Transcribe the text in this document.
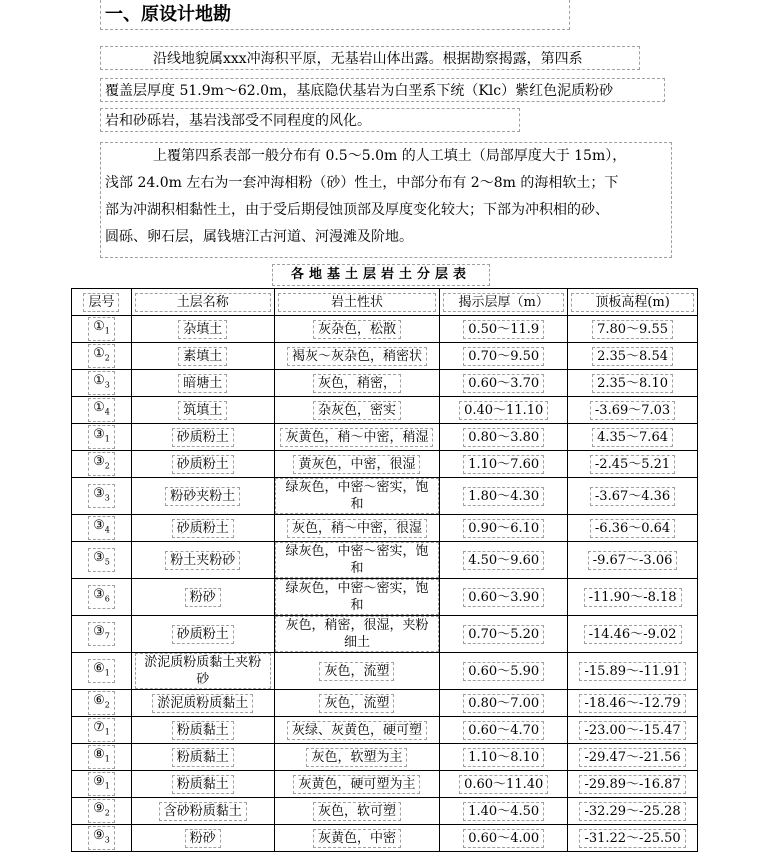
一、原设计地勘
沿线地貌属xxx冲海积平原，无基岩山体出露。根据勘察揭露，第四系
覆盖层厚度 51.9m～62.0m，基底隐伏基岩为白垩系下统（Klc）紫红色泥质粉砂
岩和砂砾岩，基岩浅部受不同程度的风化。
上覆第四系表部一般分布有 0.5～5.0m 的人工填土（局部厚度大于 15m），
浅部 24.0m 左右为一套冲海相粉（砂）性土，中部分布有 2～8m 的海相软土；下
部为冲湖积相黏性土，由于受后期侵蚀顶部及厚度变化较大；下部为冲积相的砂、
圆砾、卵石层，属钱塘江古河道、河漫滩及阶地。
各地基土层岩土分层表
层号	土层名称	岩土性状	揭示层厚（m）	顶板高程(m)

$①_1$	杂填土	灰杂色，松散	0.50～11.9	7.80～9.55
$①_2$	素填土	褐灰～灰杂色，稍密状	0.70～9.50	2.35～8.54
$①_3$	暗塘土	灰色，稍密，	0.60～3.70	2.35～8.10
$①_4$	筑填土	杂灰色，密实	0.40～11.10	-3.69～7.03
$③_1$	砂质粉土	灰黄色，稍～中密，稍湿	0.80～3.80	4.35～7.64
$③_2$	砂质粉土	黄灰色，中密，很湿	1.10～7.60	-2.45～5.21
$③_3$	粉砂夹粉土	绿灰色，中密～密实，饱和	1.80～4.30	-3.67～4.36
$③_4$	砂质粉土	灰色，稍～中密，很湿	0.90～6.10	-6.36～0.64
$③_5$	粉土夹粉砂	绿灰色，中密～密实，饱和	4.50～9.60	-9.67～-3.06
$③_6$	粉砂	绿灰色，中密～密实，饱和	0.60～3.90	-11.90～-8.18
$③_7$	砂质粉土	灰色，稍密，很湿，夹粉细土	0.70～5.20	-14.46～-9.02
$⑥_1$	淤泥质粉质黏土夹粉砂	灰色，流塑	0.60～5.90	-15.89～-11.91
$⑥_2$	淤泥质粉质黏土	灰色，流塑	0.80～7.00	-18.46～-12.79
$⑦_1$	粉质黏土	灰绿、灰黄色，硬可塑	0.60～4.70	-23.00～-15.47
$⑧_1$	粉质黏土	灰色，软塑为主	1.10～8.10	-29.47～-21.56
$⑨_1$	粉质黏土	灰黄色，硬可塑为主	0.60～11.40	-29.89～-16.87
$⑨_2$	含砂粉质黏土	灰色，软可塑	1.40～4.50	-32.29～-25.28
$⑨_3$	粉砂	灰黄色，中密	0.60～4.00	-31.22～-25.50
